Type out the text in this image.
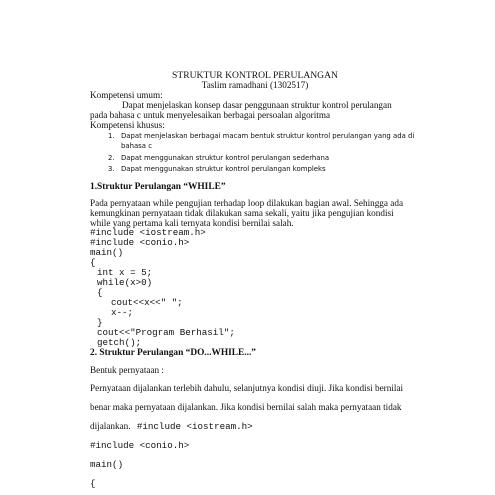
STRUKTUR KONTROL PERULANGAN
Taslim ramadhani (1302517)
Kompetensi umum:
Dapat menjelaskan konsep dasar penggunaan struktur kontrol perulangan
pada bahasa c untuk menyelesaikan berbagai persoalan algoritma
Kompetensi khusus:
1. Dapat menjelaskan berbagai macam bentuk struktur kontrol perulangan yang ada di
bahasa c
2. Dapat menggunakan struktur kontrol perulangan sederhana
3. Dapat menggunakan struktur kontrol perulangan kompleks
1.Struktur Perulangan “WHILE”
Pada pernyataan while pengujian terhadap loop dilakukan bagian awal. Sehingga ada
kemungkinan pernyataan tidak dilakukan sama sekali, yaitu jika pengujian kondisi
while yang pertama kali ternyata kondisi bernilai salah.
#include <iostream.h>
#include <conio.h>
main()
{
int x = 5;
while(x>0)
{
cout<<x<<" ";
x--;
}
cout<<"Program Berhasil";
getch();
2. Struktur Perulangan “DO...WHILE...”
Bentuk pernyataan :
Pernyataan dijalankan terlebih dahulu, selanjutnya kondisi diuji. Jika kondisi bernilai
benar maka pernyataan dijalankan. Jika kondisi bernilai salah maka pernyataan tidak
dijalankan. #include <iostream.h>
#include <conio.h>
main()
{
